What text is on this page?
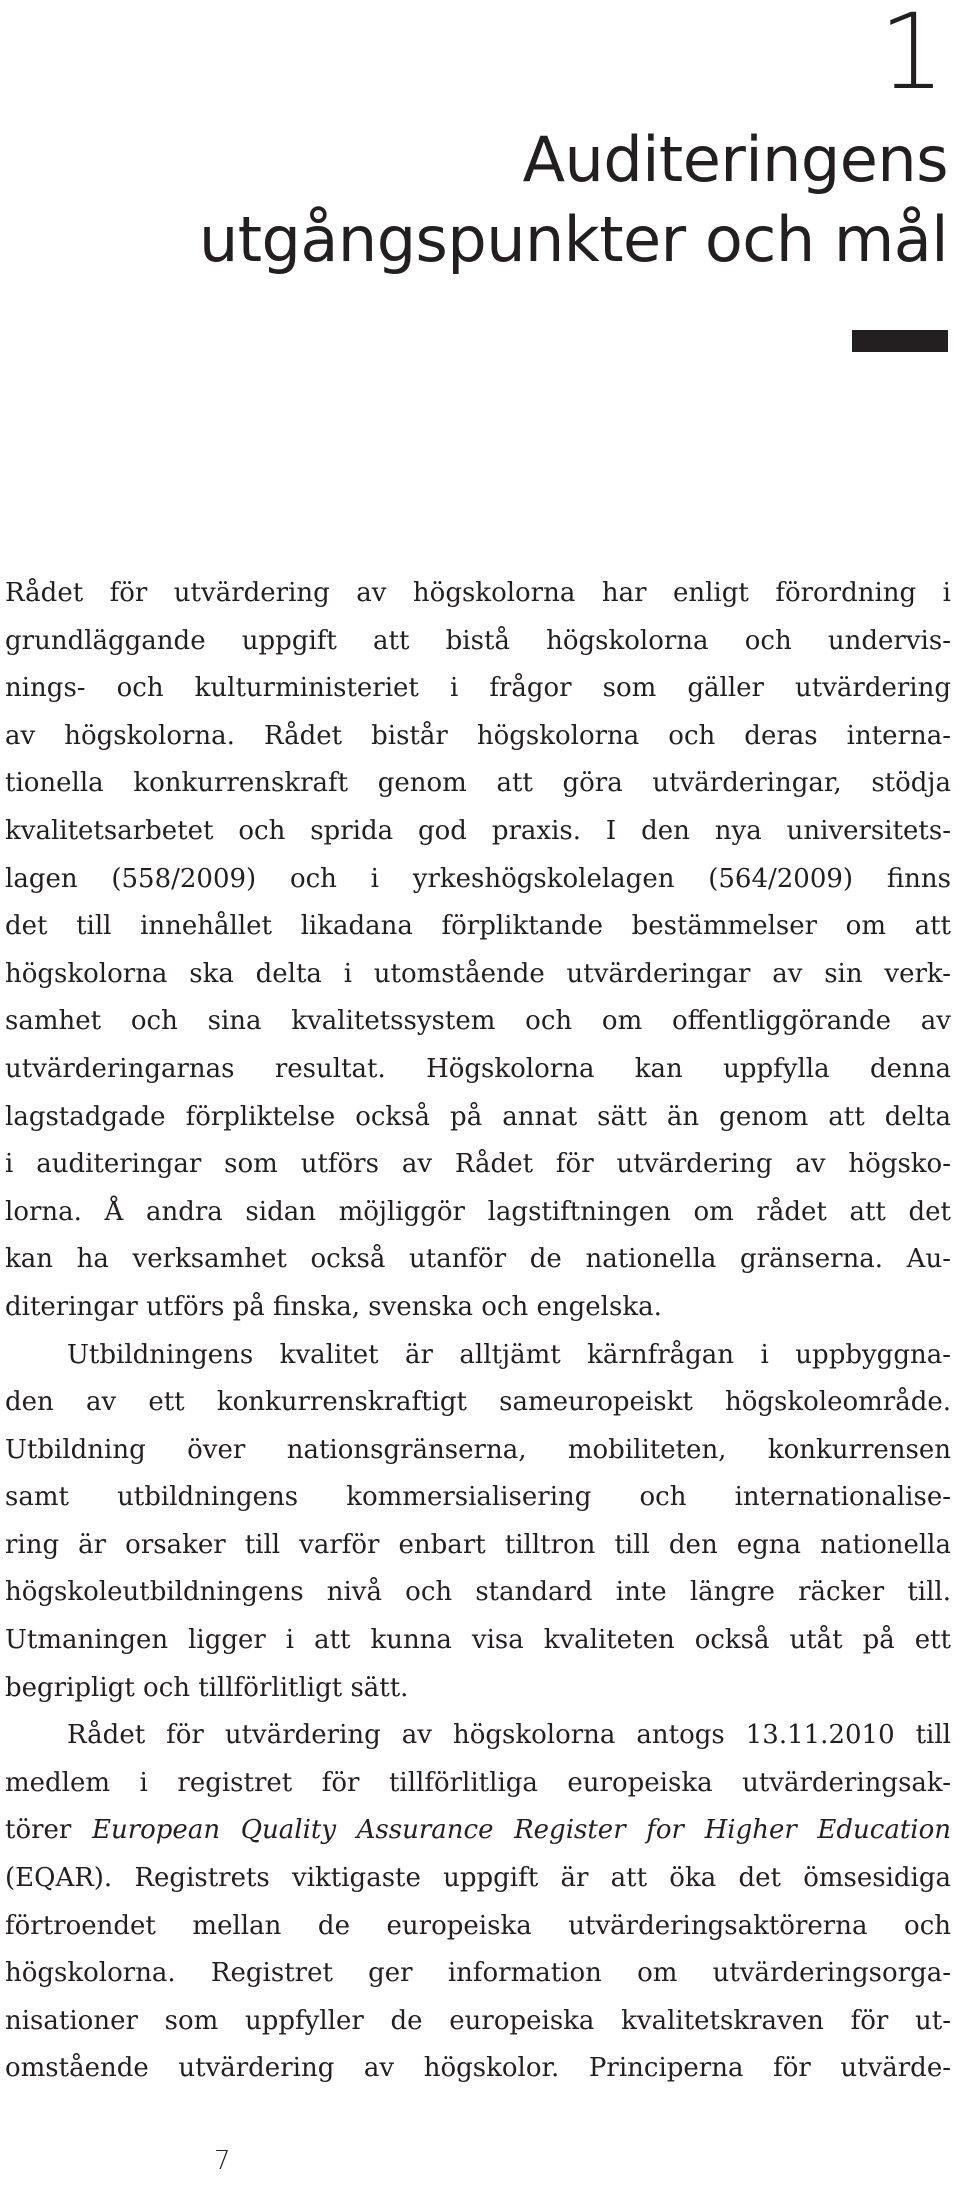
1
Auditeringens
utgångspunkter och mål
Rådet för utvärdering av högskolorna har enligt förordning i
grundläggande uppgift att bistå högskolorna och undervis-
nings- och kulturministeriet i frågor som gäller utvärdering
av högskolorna. Rådet bistår högskolorna och deras interna-
tionella konkurrenskraft genom att göra utvärderingar, stödja
kvalitetsarbetet och sprida god praxis. I den nya universitets-
lagen (558/2009) och i yrkeshögskolelagen (564/2009) finns
det till innehållet likadana förpliktande bestämmelser om att
högskolorna ska delta i utomstående utvärderingar av sin verk-
samhet och sina kvalitetssystem och om offentliggörande av
utvärderingarnas resultat. Högskolorna kan uppfylla denna
lagstadgade förpliktelse också på annat sätt än genom att delta
i auditeringar som utförs av Rådet för utvärdering av högsko-
lorna. Å andra sidan möjliggör lagstiftningen om rådet att det
kan ha verksamhet också utanför de nationella gränserna. Au-
diteringar utförs på finska, svenska och engelska.
Utbildningens kvalitet är alltjämt kärnfrågan i uppbyggna-
den av ett konkurrenskraftigt sameuropeiskt högskoleområde.
Utbildning över nationsgränserna, mobiliteten, konkurrensen
samt utbildningens kommersialisering och internationalise-
ring är orsaker till varför enbart tilltron till den egna nationella
högskoleutbildningens nivå och standard inte längre räcker till.
Utmaningen ligger i att kunna visa kvaliteten också utåt på ett
begripligt och tillförlitligt sätt.
Rådet för utvärdering av högskolorna antogs 13.11.2010 till
medlem i registret för tillförlitliga europeiska utvärderingsak-
törer European Quality Assurance Register for Higher Education
(EQAR). Registrets viktigaste uppgift är att öka det ömsesidiga
förtroendet mellan de europeiska utvärderingsaktörerna och
högskolorna. Registret ger information om utvärderingsorga-
nisationer som uppfyller de europeiska kvalitetskraven för ut-
omstående utvärdering av högskolor. Principerna för utvärde-
7
